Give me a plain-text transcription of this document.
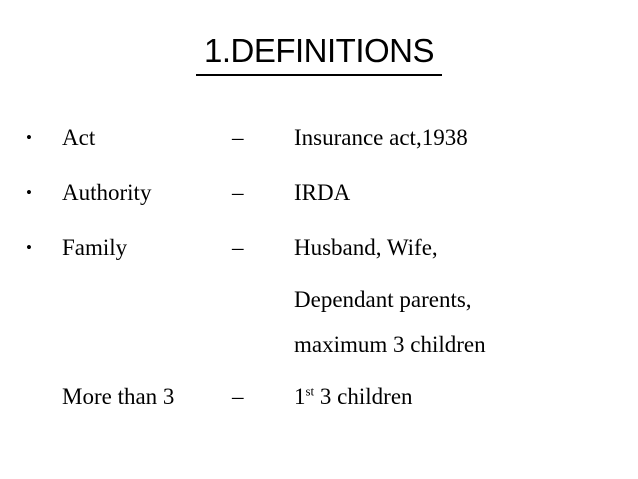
1.DEFINITIONS
• Act	– Insurance act,1938
• Authority	– IRDA
• Family	– Husband, Wife,
Dependant parents,
maximum 3 children
More than 3	– 1st 3 children
